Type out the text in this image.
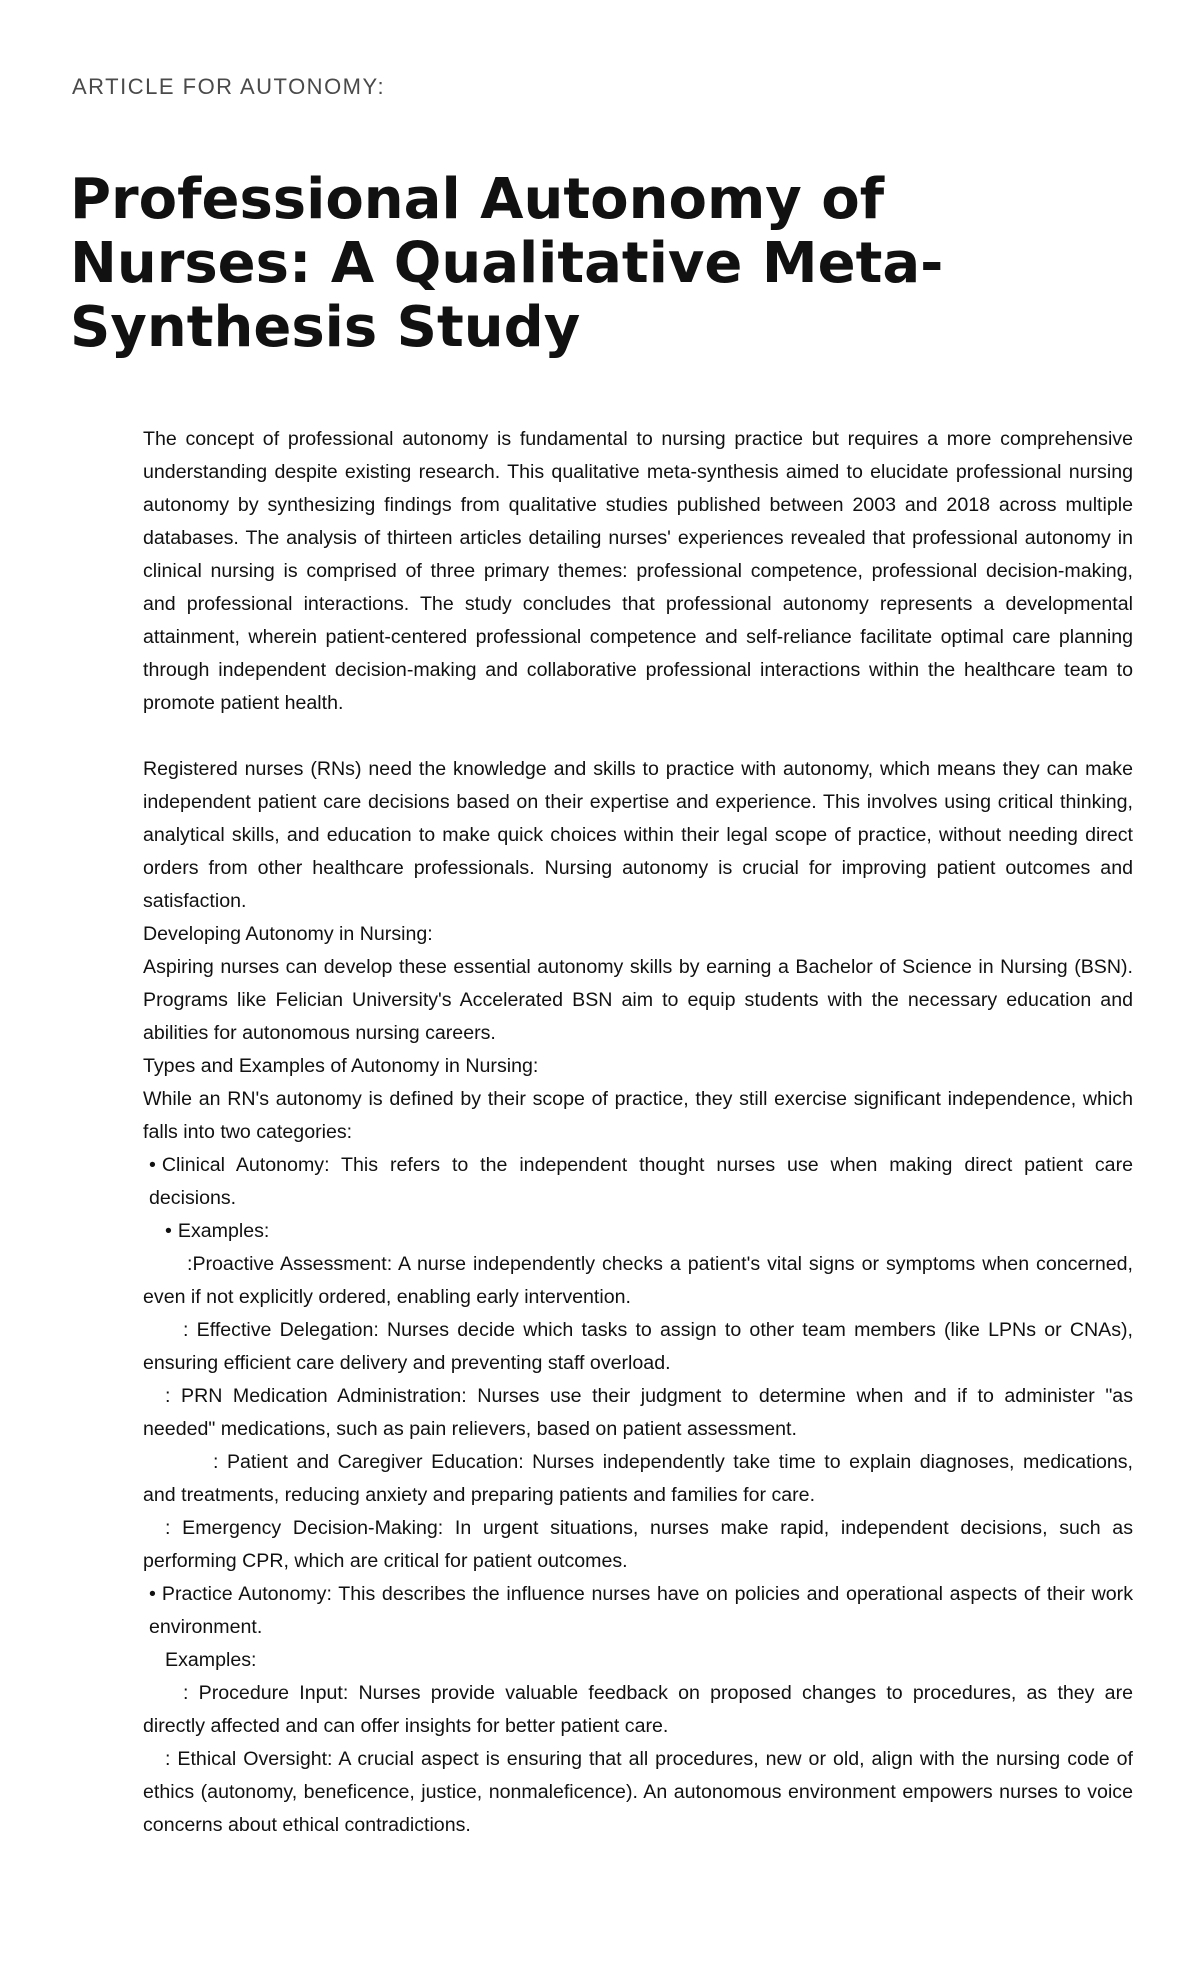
ARTICLE FOR AUTONOMY:
Professional Autonomy of Nurses: A Qualitative Meta-Synthesis Study

The concept of professional autonomy is fundamental to nursing practice but requires a more comprehensive understanding despite existing research. This qualitative meta-synthesis aimed to elucidate professional nursing autonomy by synthesizing findings from qualitative studies published between 2003 and 2018 across multiple databases. The analysis of thirteen articles detailing nurses' experiences revealed that professional autonomy in clinical nursing is comprised of three primary themes: professional competence, professional decision-making, and professional interactions. The study concludes that professional autonomy represents a developmental attainment, wherein patient-centered professional competence and self-reliance facilitate optimal care planning through independent decision-making and collaborative professional interactions within the healthcare team to promote patient health.

Registered nurses (RNs) need the knowledge and skills to practice with autonomy, which means they can make independent patient care decisions based on their expertise and experience. This involves using critical thinking, analytical skills, and education to make quick choices within their legal scope of practice, without needing direct orders from other healthcare professionals. Nursing autonomy is crucial for improving patient outcomes and satisfaction.

Developing Autonomy in Nursing:

Aspiring nurses can develop these essential autonomy skills by earning a Bachelor of Science in Nursing (BSN). Programs like Felician University's Accelerated BSN aim to equip students with the necessary education and abilities for autonomous nursing careers.

Types and Examples of Autonomy in Nursing:

While an RN's autonomy is defined by their scope of practice, they still exercise significant independence, which falls into two categories:

• Clinical Autonomy: This refers to the independent thought nurses use when making direct patient care decisions.

• Examples:

:Proactive Assessment: A nurse independently checks a patient's vital signs or symptoms when concerned, even if not explicitly ordered, enabling early intervention.

: Effective Delegation: Nurses decide which tasks to assign to other team members (like LPNs or CNAs), ensuring efficient care delivery and preventing staff overload.

: PRN Medication Administration: Nurses use their judgment to determine when and if to administer "as needed" medications, such as pain relievers, based on patient assessment.

: Patient and Caregiver Education: Nurses independently take time to explain diagnoses, medications, and treatments, reducing anxiety and preparing patients and families for care.

: Emergency Decision-Making: In urgent situations, nurses make rapid, independent decisions, such as performing CPR, which are critical for patient outcomes.

• Practice Autonomy: This describes the influence nurses have on policies and operational aspects of their work environment.

Examples:

: Procedure Input: Nurses provide valuable feedback on proposed changes to procedures, as they are directly affected and can offer insights for better patient care.

: Ethical Oversight: A crucial aspect is ensuring that all procedures, new or old, align with the nursing code of ethics (autonomy, beneficence, justice, nonmaleficence). An autonomous environment empowers nurses to voice concerns about ethical contradictions.
